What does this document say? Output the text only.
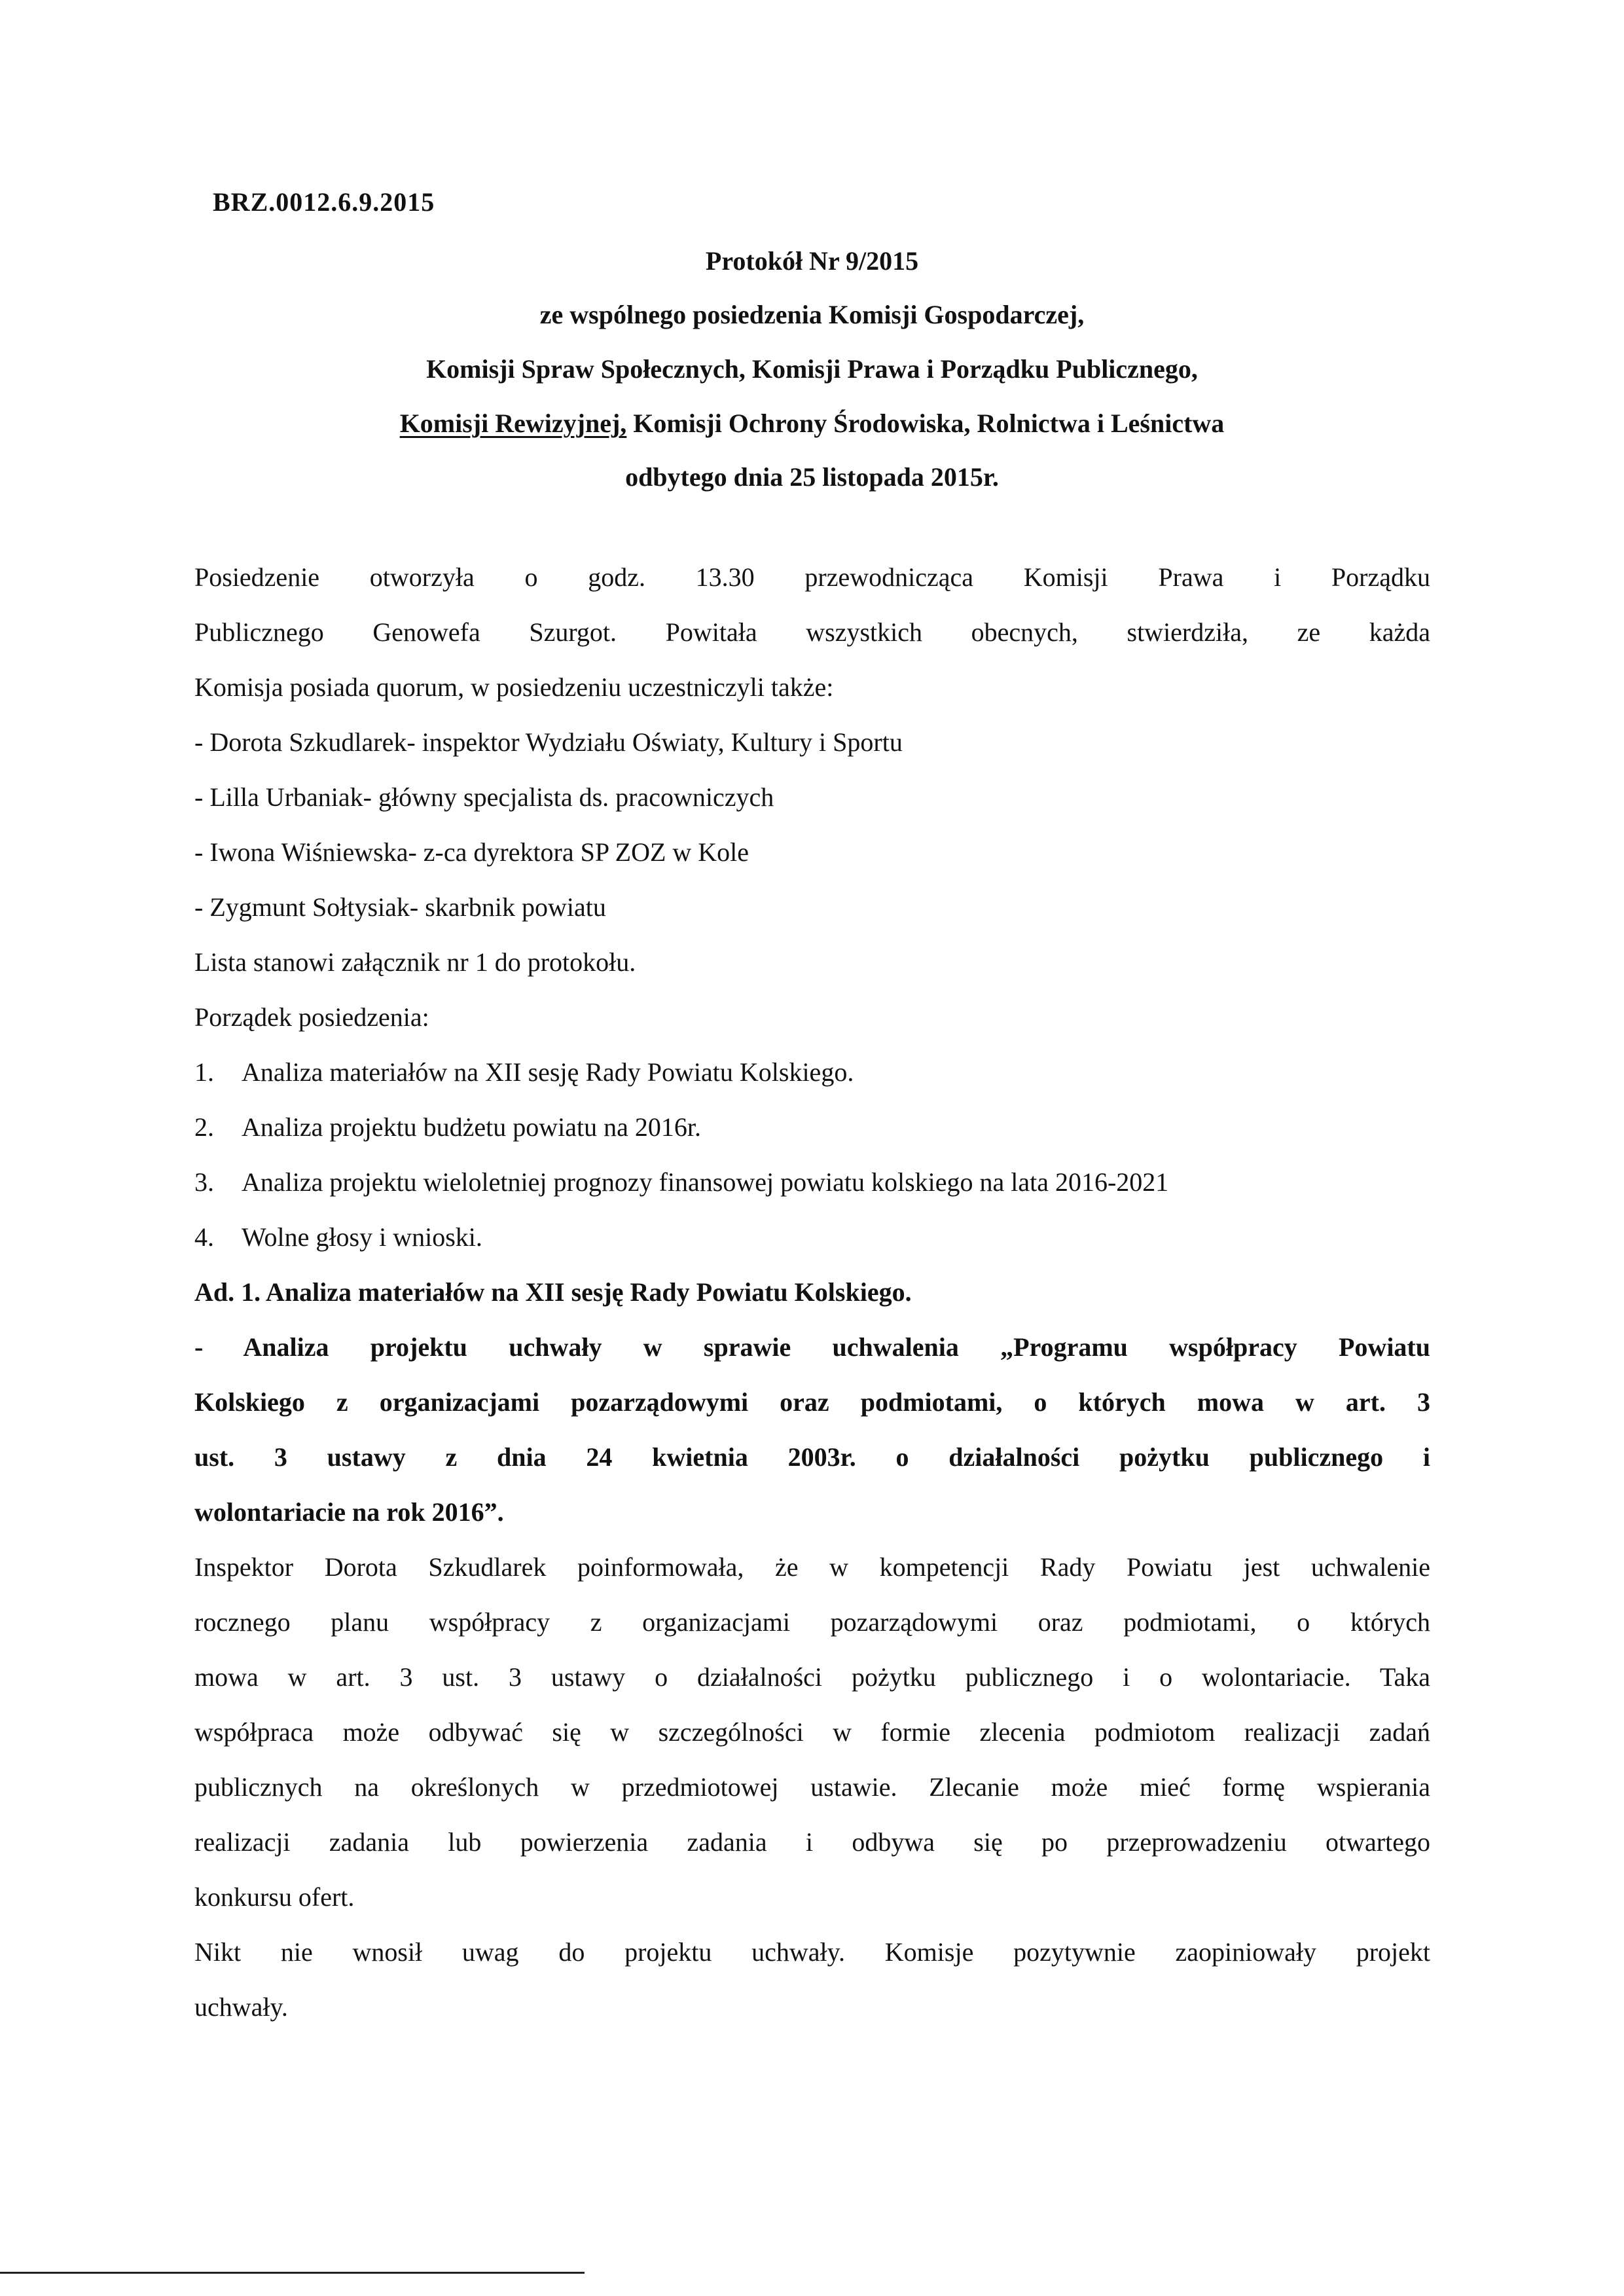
BRZ.0012.6.9.2015
Protokół Nr 9/2015
ze wspólnego posiedzenia Komisji Gospodarczej,
Komisji Spraw Społecznych, Komisji Prawa i Porządku Publicznego,
Komisji Rewizyjnej, Komisji Ochrony Środowiska, Rolnictwa i Leśnictwa
odbytego dnia 25 listopada 2015r.

Posiedzenie otworzyła o godz. 13.30 przewodnicząca Komisji Prawa i Porządku

Publicznego Genowefa Szurgot. Powitała wszystkich obecnych, stwierdziła, ze każda

Komisja posiada quorum, w posiedzeniu uczestniczyli także:

- Dorota Szkudlarek- inspektor Wydziału Oświaty, Kultury i Sportu

- Lilla Urbaniak- główny specjalista ds. pracowniczych

- Iwona Wiśniewska- z-ca dyrektora SP ZOZ w Kole

- Zygmunt Sołtysiak- skarbnik powiatu

Lista stanowi załącznik nr 1 do protokołu.

Porządek posiedzenia:

1. Analiza materiałów na XII sesję Rady Powiatu Kolskiego.

2. Analiza projektu budżetu powiatu na 2016r.

3. Analiza projektu wieloletniej prognozy finansowej powiatu kolskiego na lata 2016-2021

4. Wolne głosy i wnioski.

Ad. 1. Analiza materiałów na XII sesję Rady Powiatu Kolskiego.

- Analiza projektu uchwały w sprawie uchwalenia „Programu współpracy Powiatu

Kolskiego z organizacjami pozarządowymi oraz podmiotami, o których mowa w art. 3

ust. 3 ustawy z dnia 24 kwietnia 2003r. o działalności pożytku publicznego i

wolontariacie na rok 2016”.

Inspektor Dorota Szkudlarek poinformowała, że w kompetencji Rady Powiatu jest uchwalenie

rocznego planu współpracy z organizacjami pozarządowymi oraz podmiotami, o których

mowa w art. 3 ust. 3 ustawy o działalności pożytku publicznego i o wolontariacie. Taka

współpraca może odbywać się w szczególności w formie zlecenia podmiotom realizacji zadań

publicznych na określonych w przedmiotowej ustawie. Zlecanie może mieć formę wspierania

realizacji zadania lub powierzenia zadania i odbywa się po przeprowadzeniu otwartego

konkursu ofert.

Nikt nie wnosił uwag do projektu uchwały. Komisje pozytywnie zaopiniowały projekt

uchwały.
